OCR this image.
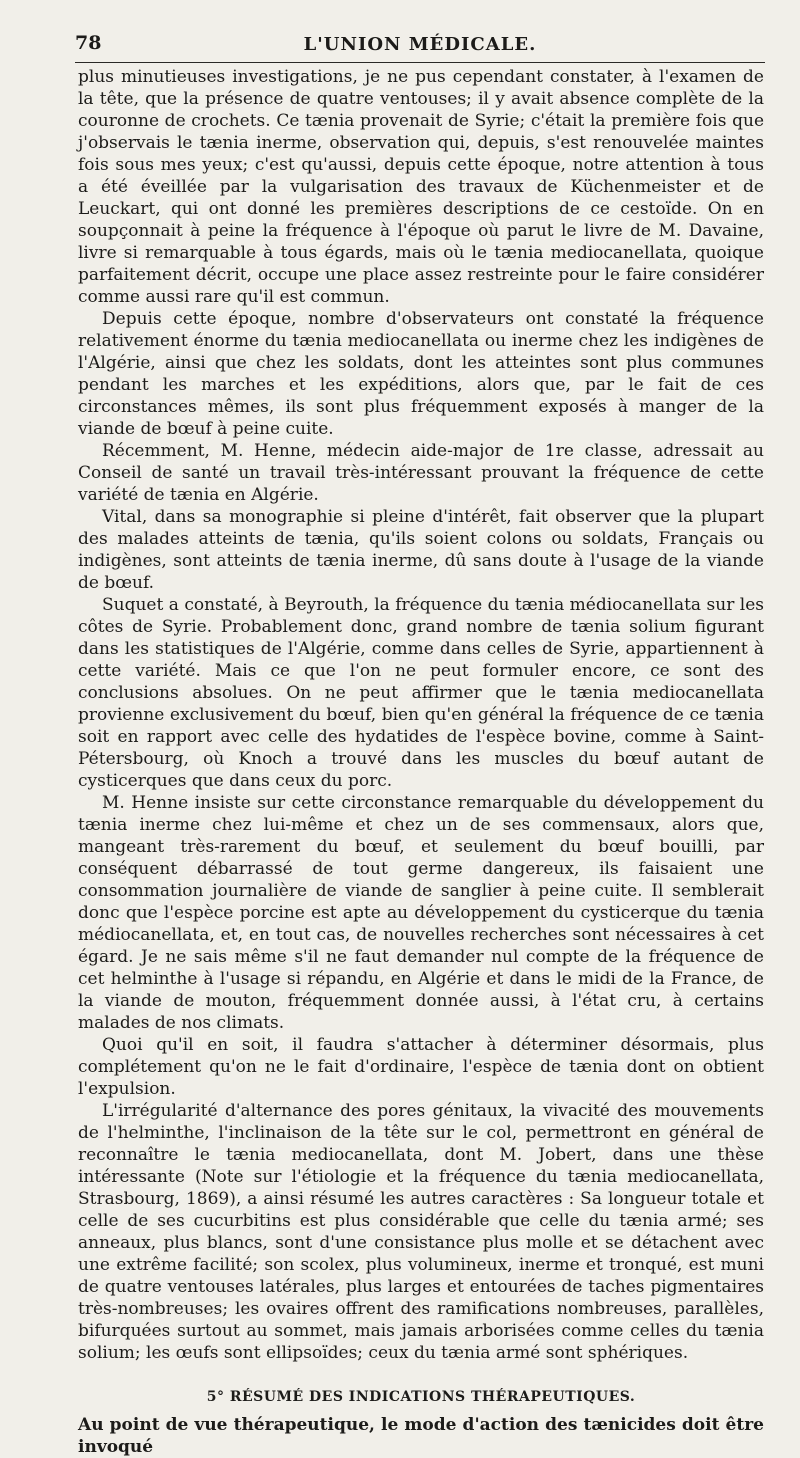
78	L'UNION MÉDICALE.

plus minutieuses investigations, je ne pus cependant constater, à l'examen de la tête, que la présence de quatre ventouses; il y avait absence complète de la couronne de crochets. Ce tænia provenait de Syrie; c'était la première fois que j'observais le tænia inerme, observation qui, depuis, s'est renouvelée maintes fois sous mes yeux; c'est qu'aussi, depuis cette époque, notre attention à tous a été éveillée par la vulgarisation des travaux de Küchenmeister et de Leuckart, qui ont donné les premières descriptions de ce cestoïde. On en soupçonnait à peine la fréquence à l'époque où parut le livre de M. Davaine, livre si remarquable à tous égards, mais où le tænia mediocanellata, quoique parfaitement décrit, occupe une place assez restreinte pour le faire considérer comme aussi rare qu'il est commun.

Depuis cette époque, nombre d'observateurs ont constaté la fréquence relativement énorme du tænia mediocanellata ou inerme chez les indigènes de l'Algérie, ainsi que chez les soldats, dont les atteintes sont plus communes pendant les marches et les expéditions, alors que, par le fait de ces circonstances mêmes, ils sont plus fréquemment exposés à manger de la viande de bœuf à peine cuite.

Récemment, M. Henne, médecin aide-major de 1re classe, adressait au Conseil de santé un travail très-intéressant prouvant la fréquence de cette variété de tænia en Algérie.

Vital, dans sa monographie si pleine d'intérêt, fait observer que la plupart des malades atteints de tænia, qu'ils soient colons ou soldats, Français ou indigènes, sont atteints de tænia inerme, dû sans doute à l'usage de la viande de bœuf.

Suquet a constaté, à Beyrouth, la fréquence du tænia médiocanellata sur les côtes de Syrie. Probablement donc, grand nombre de tænia solium figurant dans les statistiques de l'Algérie, comme dans celles de Syrie, appartiennent à cette variété. Mais ce que l'on ne peut formuler encore, ce sont des conclusions absolues. On ne peut affirmer que le tænia mediocanellata provienne exclusivement du bœuf, bien qu'en général la fréquence de ce tænia soit en rapport avec celle des hydatides de l'espèce bovine, comme à Saint-Pétersbourg, où Knoch a trouvé dans les muscles du bœuf autant de cysticerques que dans ceux du porc.

M. Henne insiste sur cette circonstance remarquable du développement du tænia inerme chez lui-même et chez un de ses commensaux, alors que, mangeant très-rarement du bœuf, et seulement du bœuf bouilli, par conséquent débarrassé de tout germe dangereux, ils faisaient une consommation journalière de viande de sanglier à peine cuite. Il semblerait donc que l'espèce porcine est apte au développement du cysticerque du tænia médiocanellata, et, en tout cas, de nouvelles recherches sont nécessaires à cet égard. Je ne sais même s'il ne faut demander nul compte de la fréquence de cet helminthe à l'usage si répandu, en Algérie et dans le midi de la France, de la viande de mouton, fréquemment donnée aussi, à l'état cru, à certains malades de nos climats.

Quoi qu'il en soit, il faudra s'attacher à déterminer désormais, plus complétement qu'on ne le fait d'ordinaire, l'espèce de tænia dont on obtient l'expulsion.

L'irrégularité d'alternance des pores génitaux, la vivacité des mouvements de l'helminthe, l'inclinaison de la tête sur le col, permettront en général de reconnaître le tænia mediocanellata, dont M. Jobert, dans une thèse intéressante (Note sur l'étiologie et la fréquence du tænia mediocanellata, Strasbourg, 1869), a ainsi résumé les autres caractères : Sa longueur totale et celle de ses cucurbitins est plus considérable que celle du tænia armé; ses anneaux, plus blancs, sont d'une consistance plus molle et se détachent avec une extrême facilité; son scolex, plus volumineux, inerme et tronqué, est muni de quatre ventouses latérales, plus larges et entourées de taches pigmentaires très-nombreuses; les ovaires offrent des ramifications nombreuses, parallèles, bifurquées surtout au sommet, mais jamais arborisées comme celles du tænia solium; les œufs sont ellipsoïdes; ceux du tænia armé sont sphériques.

5° RÉSUMÉ DES INDICATIONS THÉRAPEUTIQUES.

Au point de vue thérapeutique, le mode d'action des tænicides doit être invoqué
